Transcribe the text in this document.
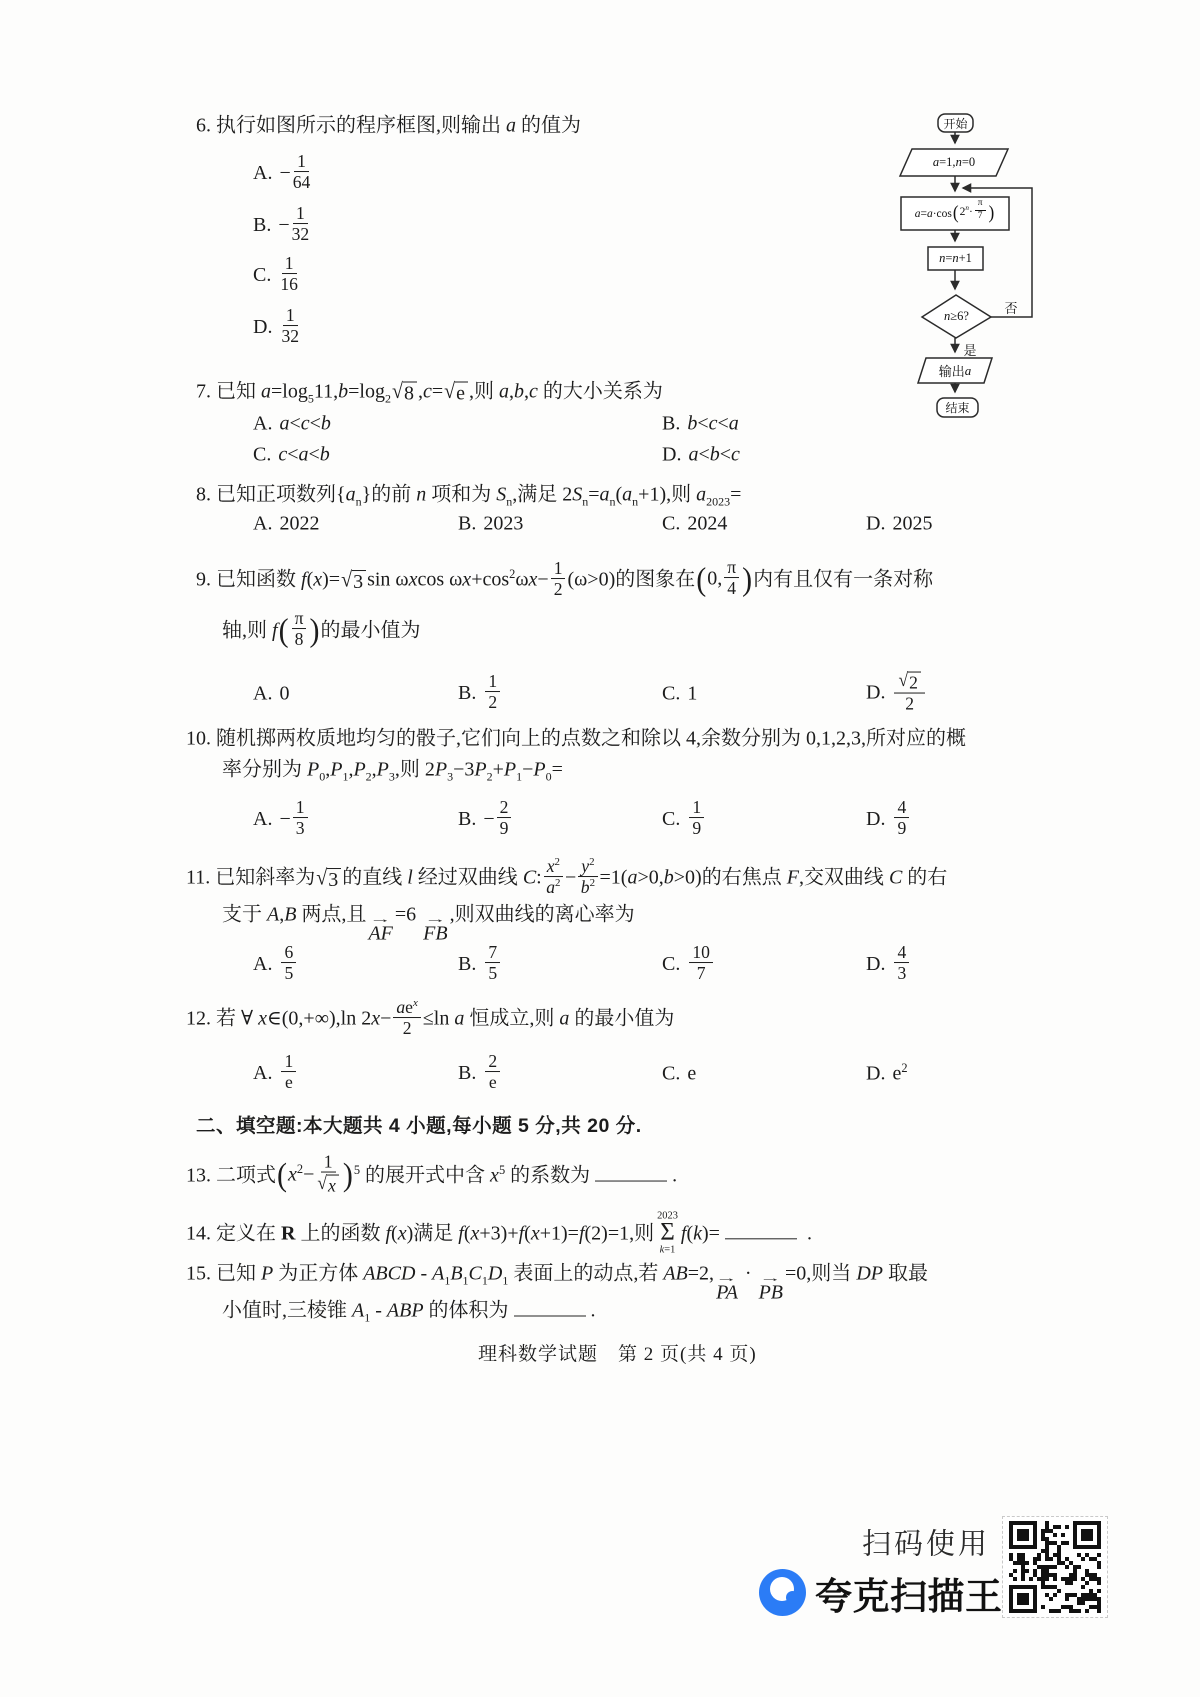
6. 执行如图所示的程序框图,则输出 a 的值为
A. − $\frac{1}{64}$
B. − $\frac{1}{32}$
C. $\frac{1}{16}$
D. $\frac{1}{32}$
开始
a =1, n =0
a = a ·cos ( $2^n\cdot \frac{\pi}{7}$ )
n = n +1
n ≥6?
否
是
输出 a
结束
7. 已知 $a=\log_511,b=\log_2$ √ 8 ,c= √ e ,则 a,b,c 的大小关系为
A. a<c<b	B. b<c<a
C. c<a<b	D. a<b<c
8. 已知正项数列$\{a_n\}$的前 n 项和为 $S_n$,满足 $2S_n=a_n(a_n+1)$,则 $a_{2023}=$
A. 2022	B. 2023	C. 2024	D. 2025
9. 已知函数 f(x)= √ 3 sin ωxcos $\omega x+\cos^2\omega x- \frac{1}{2} (\omega>0)$的图象在 ( 0, $\frac{\pi}{4}$ ) 内有且仅有一条对称
轴,则 f ( $\frac{\pi}{8}$ ) 的最小值为
A. 0	B. $\frac{1}{2}$	C. 1	D. $\frac{√ 2}{2}$
10. 随机掷两枚质地均匀的骰子,它们向上的点数之和除以 4,余数分别为 0,1,2,3,所对应的概
率分别为 $P_0,P_1,P_2,P_3$,则 $2P_3-3P_2+P_1-P_0=$
A. − $\frac{1}{3}$	B. − $\frac{2}{9}$	C. $\frac{1}{9}$	D. $\frac{4}{9}$
11. 已知斜率为 √ 3 的直线 l 经过双曲线 C: $\frac{x^2}{a^2} - \frac{y^2}{b^2} =1(a>0,b>0)$的右焦点 F,交双曲线 C 的右
支于 A,B 两点,且 →
AF
=6 →
FB
,则双曲线的离心率为
A. $\frac{6}{5}$	B. $\frac{7}{5}$	C. $\frac{10}{7}$	D. $\frac{4}{3}$
12. 若 ∀ x∈(0,+∞),ln $2x- \frac{ae^x}{2} \le\ln$ a 恒成立,则 a 的最小值为
A. $\frac{1}{e}$	B. $\frac{2}{e}$	C. e	D. $e^2$
二、填空题:本大题共 4 小题,每小题 5 分,共 20 分.
13. 二项式 ( $x^2- \frac{1}{√ x}$ ) $^5$ 的展开式中含 $x^5$ 的系数为	.
14. 定义在 R 上的函数 f(x)满足 f(x+3)+f(x+1)=f(2)=1,则
2023
Σ
k=1
f(k)=	.
15. 已知 P 为正方体 ABCD - $A_1B_1C_1D_1$ 表面上的动点,若 AB=2, →
PA
· →
PB
=0,则当 DP 取最
小值时,三棱锥 $A_1$ - ABP 的体积为	.
理科数学试题　第 2 页(共 4 页)
扫码使用
夸克扫描王
